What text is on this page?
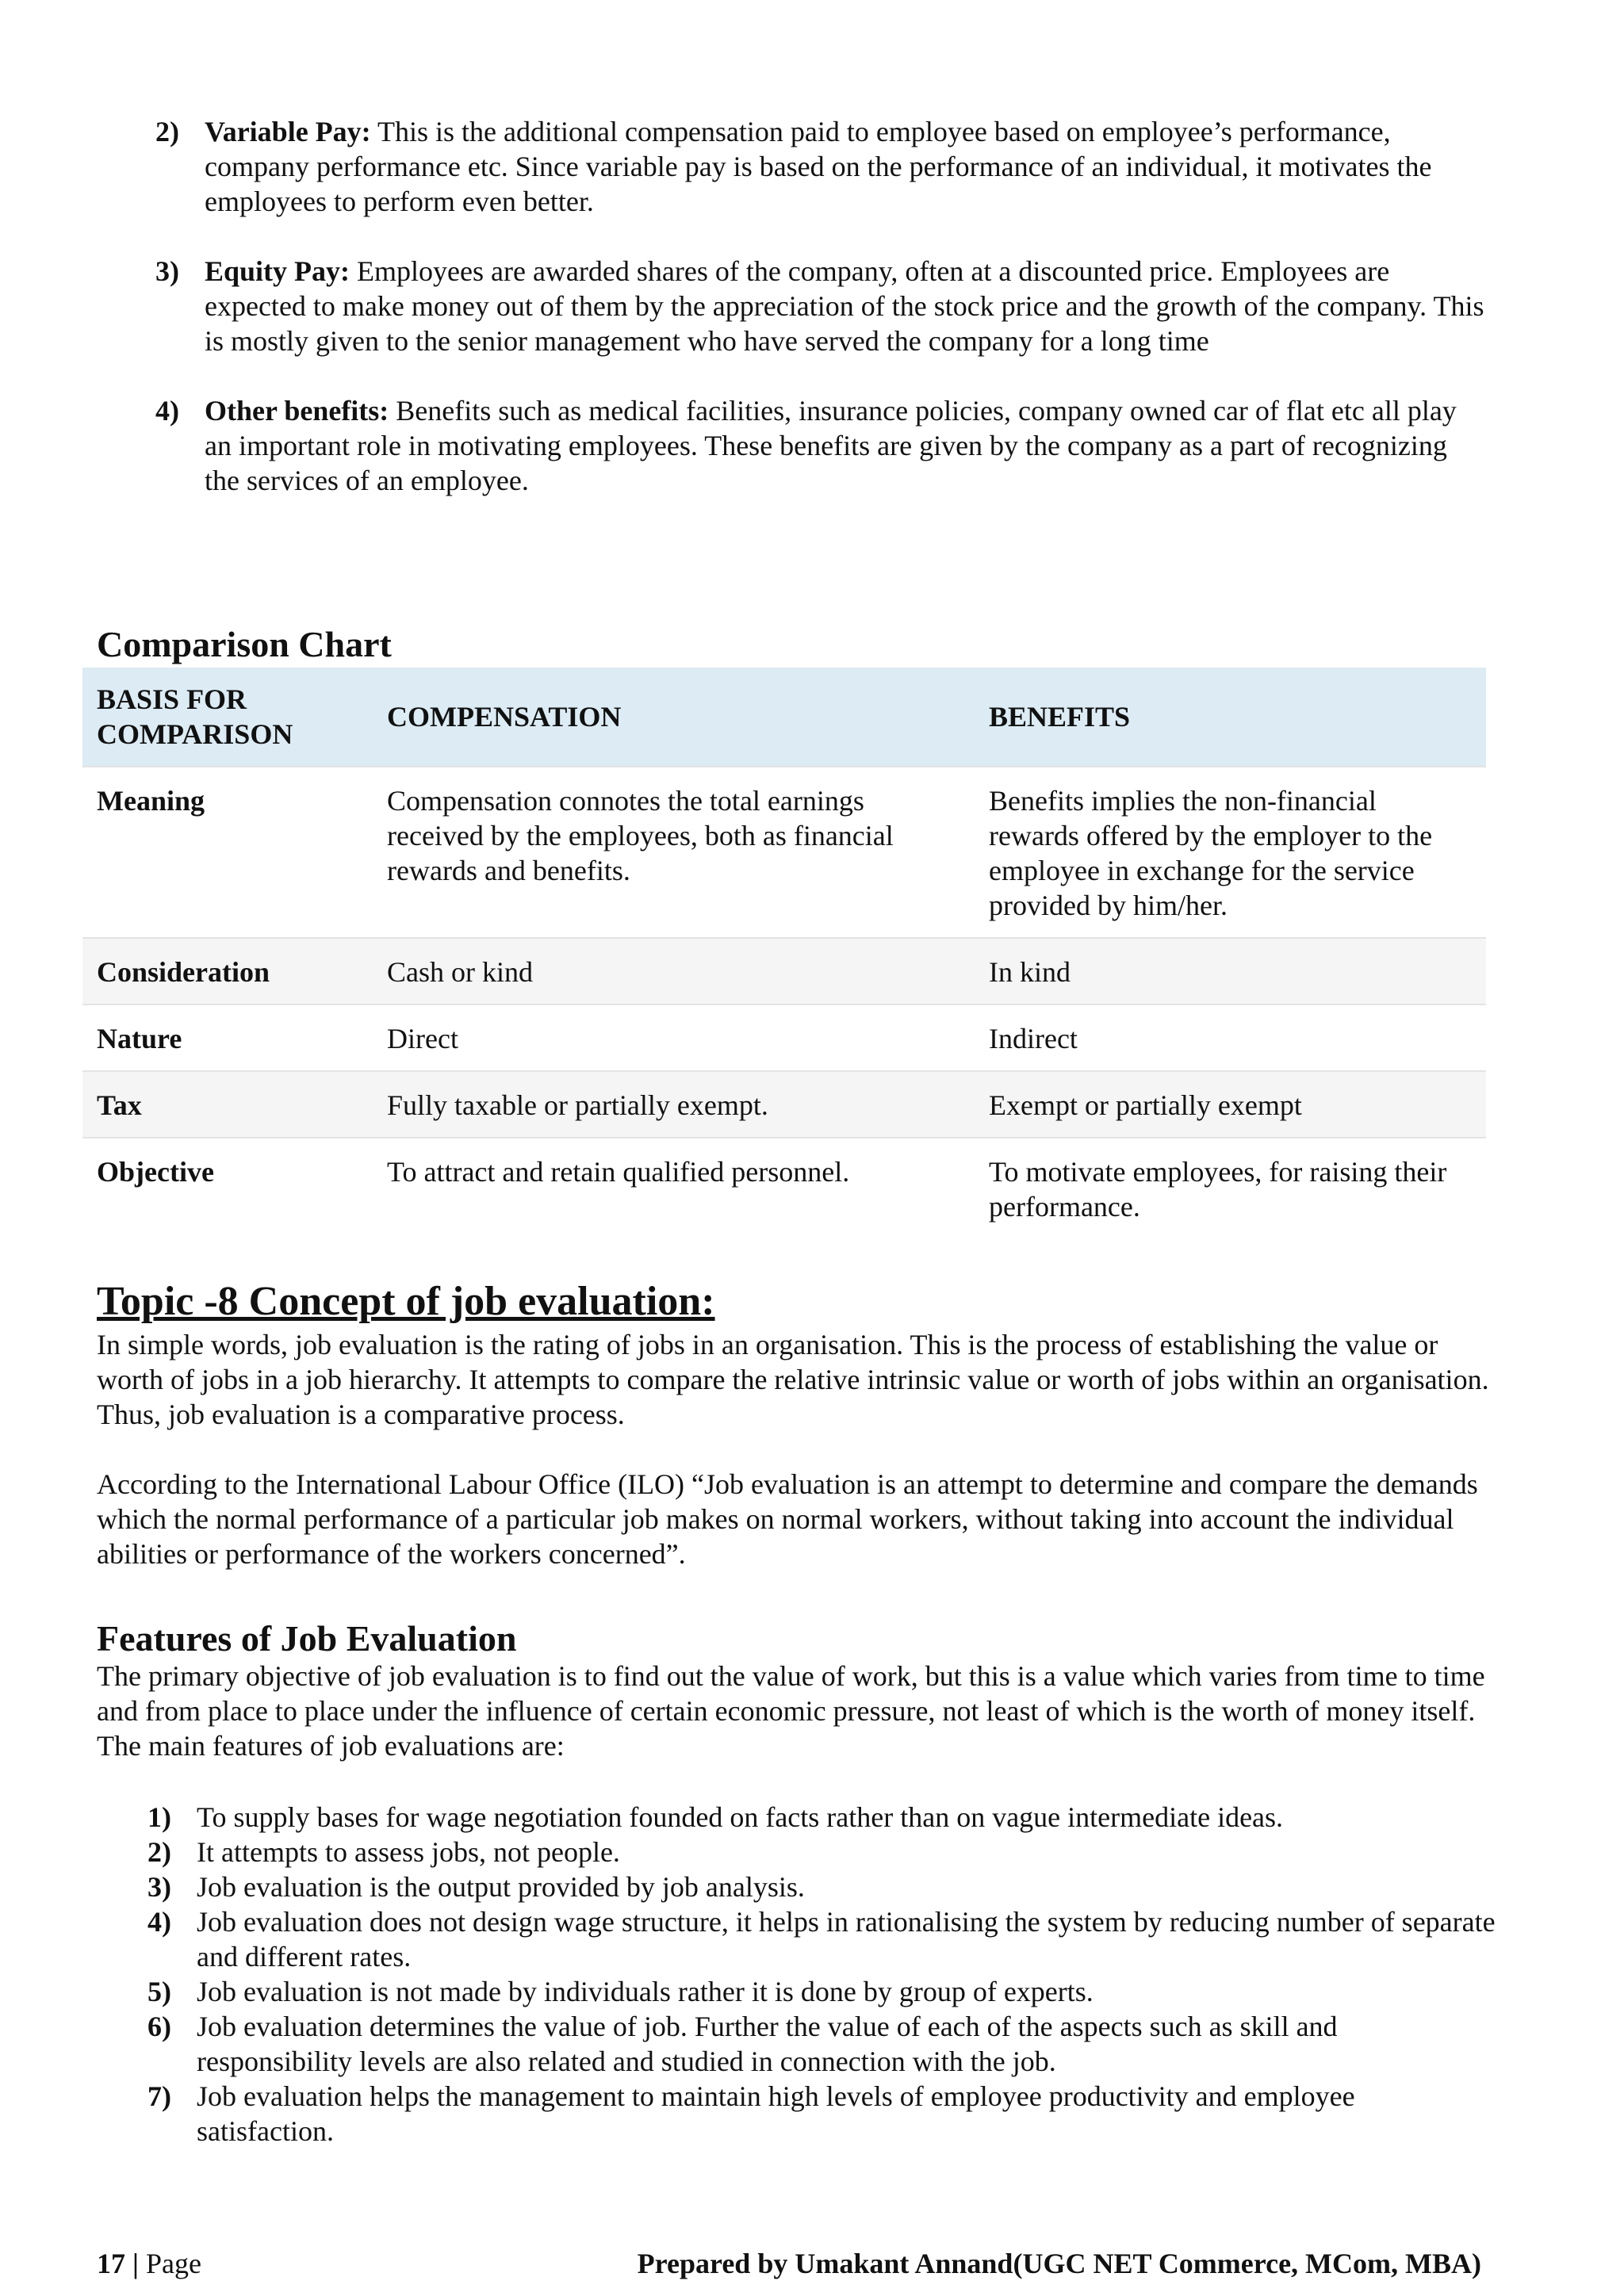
2) Variable Pay: This is the additional compensation paid to employee based on employee’s performance, company performance etc. Since variable pay is based on the performance of an individual, it motivates the employees to perform even better.
3) Equity Pay: Employees are awarded shares of the company, often at a discounted price. Employees are expected to make money out of them by the appreciation of the stock price and the growth of the company. This is mostly given to the senior management who have served the company for a long time
4) Other benefits: Benefits such as medical facilities, insurance policies, company owned car of flat etc all play an important role in motivating employees. These benefits are given by the company as a part of recognizing the services of an employee.
Comparison Chart
BASIS FOR COMPARISON	COMPENSATION	BENEFITS
Meaning	Compensation connotes the total earnings received by the employees, both as financial rewards and benefits.	Benefits implies the non-financial rewards offered by the employer to the employee in exchange for the service provided by him/her.
Consideration	Cash or kind	In kind
Nature	Direct	Indirect
Tax	Fully taxable or partially exempt.	Exempt or partially exempt
Objective	To attract and retain qualified personnel.	To motivate employees, for raising their performance.
Topic -8 Concept of job evaluation:

In simple words, job evaluation is the rating of jobs in an organisation. This is the process of establishing the value or worth of jobs in a job hierarchy. It attempts to compare the relative intrinsic value or worth of jobs within an organisation. Thus, job evaluation is a comparative process.

According to the International Labour Office (ILO) “Job evaluation is an attempt to determine and compare the demands which the normal performance of a particular job makes on normal workers, without taking into account the individual abilities or performance of the workers concerned”.

Features of Job Evaluation

The primary objective of job evaluation is to find out the value of work, but this is a value which varies from time to time and from place to place under the influence of certain economic pressure, not least of which is the worth of money itself. The main features of job evaluations are:

1) To supply bases for wage negotiation founded on facts rather than on vague intermediate ideas.
2) It attempts to assess jobs, not people.
3) Job evaluation is the output provided by job analysis.
4) Job evaluation does not design wage structure, it helps in rationalising the system by reducing number of separate and different rates.
5) Job evaluation is not made by individuals rather it is done by group of experts.
6) Job evaluation determines the value of job. Further the value of each of the aspects such as skill and responsibility levels are also related and studied in connection with the job.
7) Job evaluation helps the management to maintain high levels of employee productivity and employee satisfaction.
17 | Page	Prepared by Umakant Annand(UGC NET Commerce, MCom, MBA)
